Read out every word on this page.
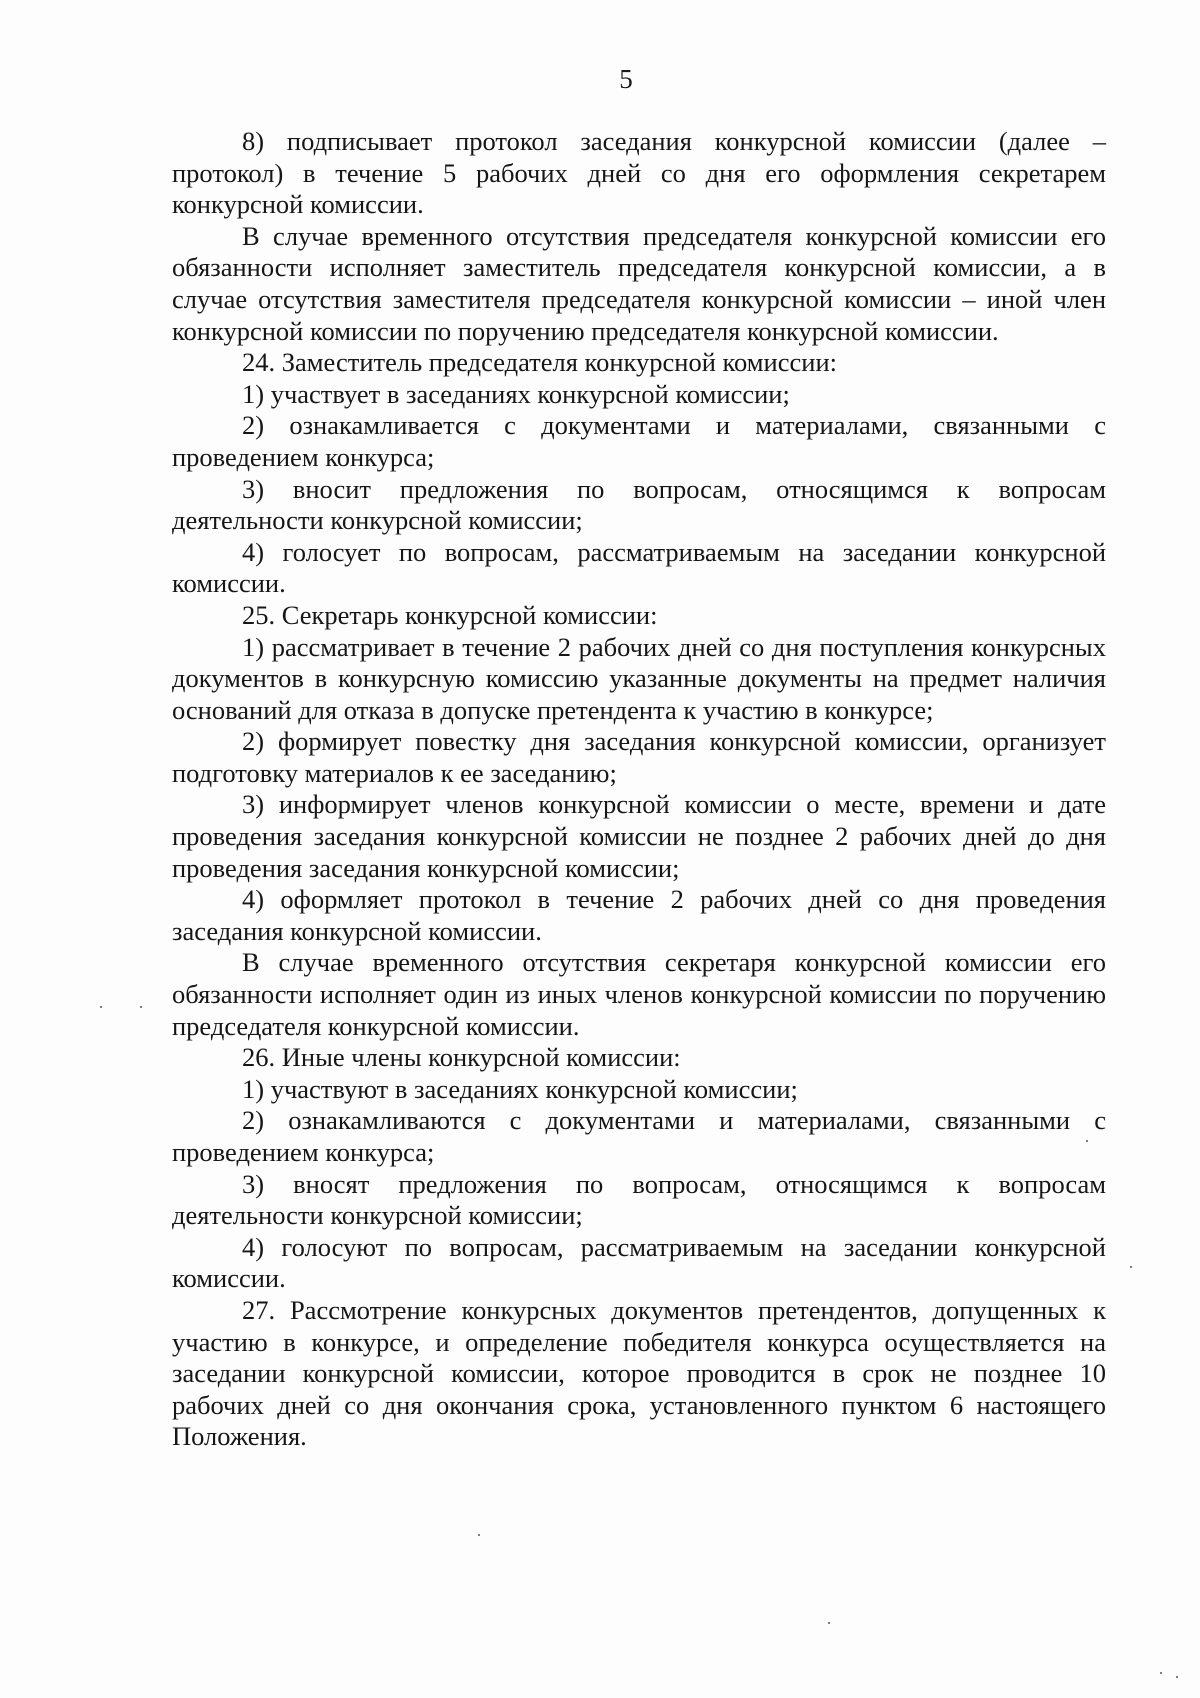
5

8) подписывает протокол заседания конкурсной комиссии (далее – протокол) в течение 5 рабочих дней со дня его оформления секретарем конкурсной комиссии.

В случае временного отсутствия председателя конкурсной комиссии его обязанности исполняет заместитель председателя конкурсной комиссии, а в случае отсутствия заместителя председателя конкурсной комиссии – иной член конкурсной комиссии по поручению председателя конкурсной комиссии.

24. Заместитель председателя конкурсной комиссии:

1) участвует в заседаниях конкурсной комиссии;

2) ознакамливается с документами и материалами, связанными с проведением конкурса;

3) вносит предложения по вопросам, относящимся к вопросам деятельности конкурсной комиссии;

4) голосует по вопросам, рассматриваемым на заседании конкурсной комиссии.

25. Секретарь конкурсной комиссии:

1) рассматривает в течение 2 рабочих дней со дня поступления конкурсных документов в конкурсную комиссию указанные документы на предмет наличия оснований для отказа в допуске претендента к участию в конкурсе;

2) формирует повестку дня заседания конкурсной комиссии, организует подготовку материалов к ее заседанию;

3) информирует членов конкурсной комиссии о месте, времени и дате проведения заседания конкурсной комиссии не позднее 2 рабочих дней до дня проведения заседания конкурсной комиссии;

4) оформляет протокол в течение 2 рабочих дней со дня проведения заседания конкурсной комиссии.

В случае временного отсутствия секретаря конкурсной комиссии его обязанности исполняет один из иных членов конкурсной комиссии по поручению председателя конкурсной комиссии.

26. Иные члены конкурсной комиссии:

1) участвуют в заседаниях конкурсной комиссии;

2) ознакамливаются с документами и материалами, связанными с проведением конкурса;

3) вносят предложения по вопросам, относящимся к вопросам деятельности конкурсной комиссии;

4) голосуют по вопросам, рассматриваемым на заседании конкурсной комиссии.

27. Рассмотрение конкурсных документов претендентов, допущенных к участию в конкурсе, и определение победителя конкурса осуществляется на заседании конкурсной комиссии, которое проводится в срок не позднее 10 рабочих дней со дня окончания срока, установленного пунктом 6 настоящего Положения.
